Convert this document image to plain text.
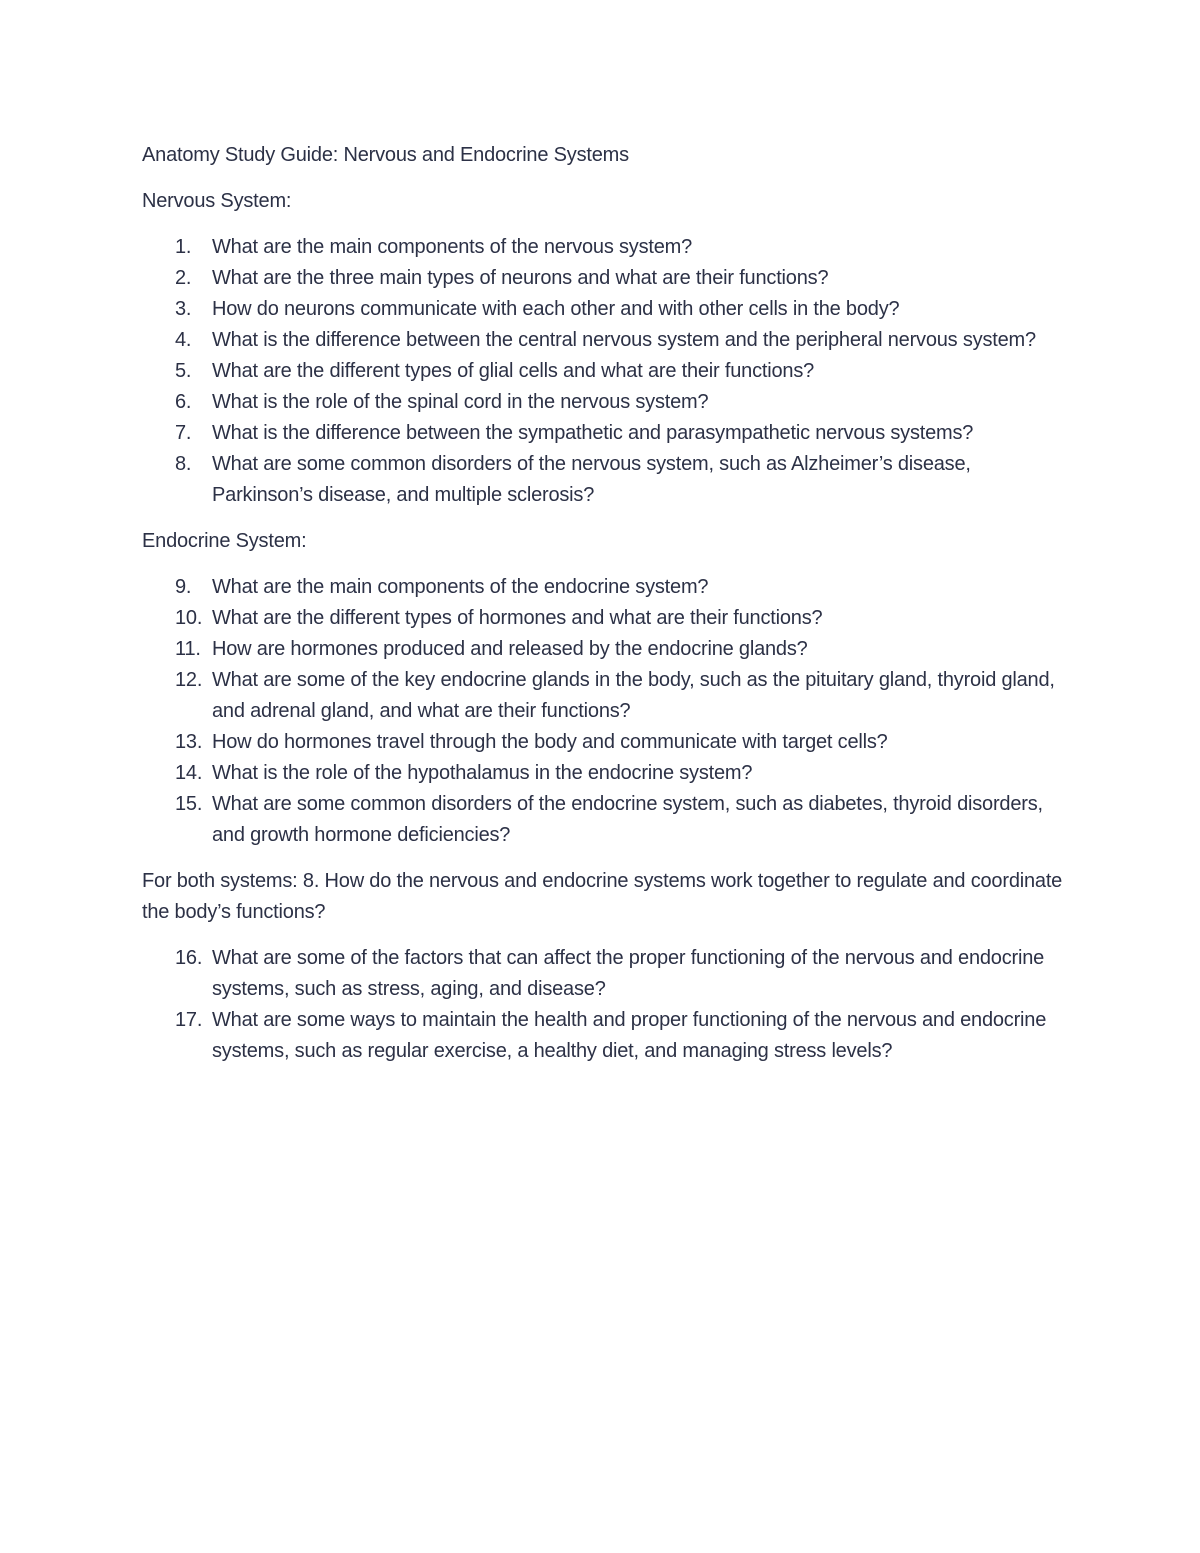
Anatomy Study Guide: Nervous and Endocrine Systems

Nervous System:

1. What are the main components of the nervous system?
2. What are the three main types of neurons and what are their functions?
3. How do neurons communicate with each other and with other cells in the body?
4. What is the difference between the central nervous system and the peripheral nervous system?
5. What are the different types of glial cells and what are their functions?
6. What is the role of the spinal cord in the nervous system?
7. What is the difference between the sympathetic and parasympathetic nervous systems?
8. What are some common disorders of the nervous system, such as Alzheimer’s disease, Parkinson’s disease, and multiple sclerosis?

Endocrine System:

9. What are the main components of the endocrine system?
10. What are the different types of hormones and what are their functions?
11. How are hormones produced and released by the endocrine glands?
12. What are some of the key endocrine glands in the body, such as the pituitary gland, thyroid gland, and adrenal gland, and what are their functions?
13. How do hormones travel through the body and communicate with target cells?
14. What is the role of the hypothalamus in the endocrine system?
15. What are some common disorders of the endocrine system, such as diabetes, thyroid disorders, and growth hormone deficiencies?

For both systems: 8. How do the nervous and endocrine systems work together to regulate and coordinate the body’s functions?

16. What are some of the factors that can affect the proper functioning of the nervous and endocrine systems, such as stress, aging, and disease?
17. What are some ways to maintain the health and proper functioning of the nervous and endocrine systems, such as regular exercise, a healthy diet, and managing stress levels?
